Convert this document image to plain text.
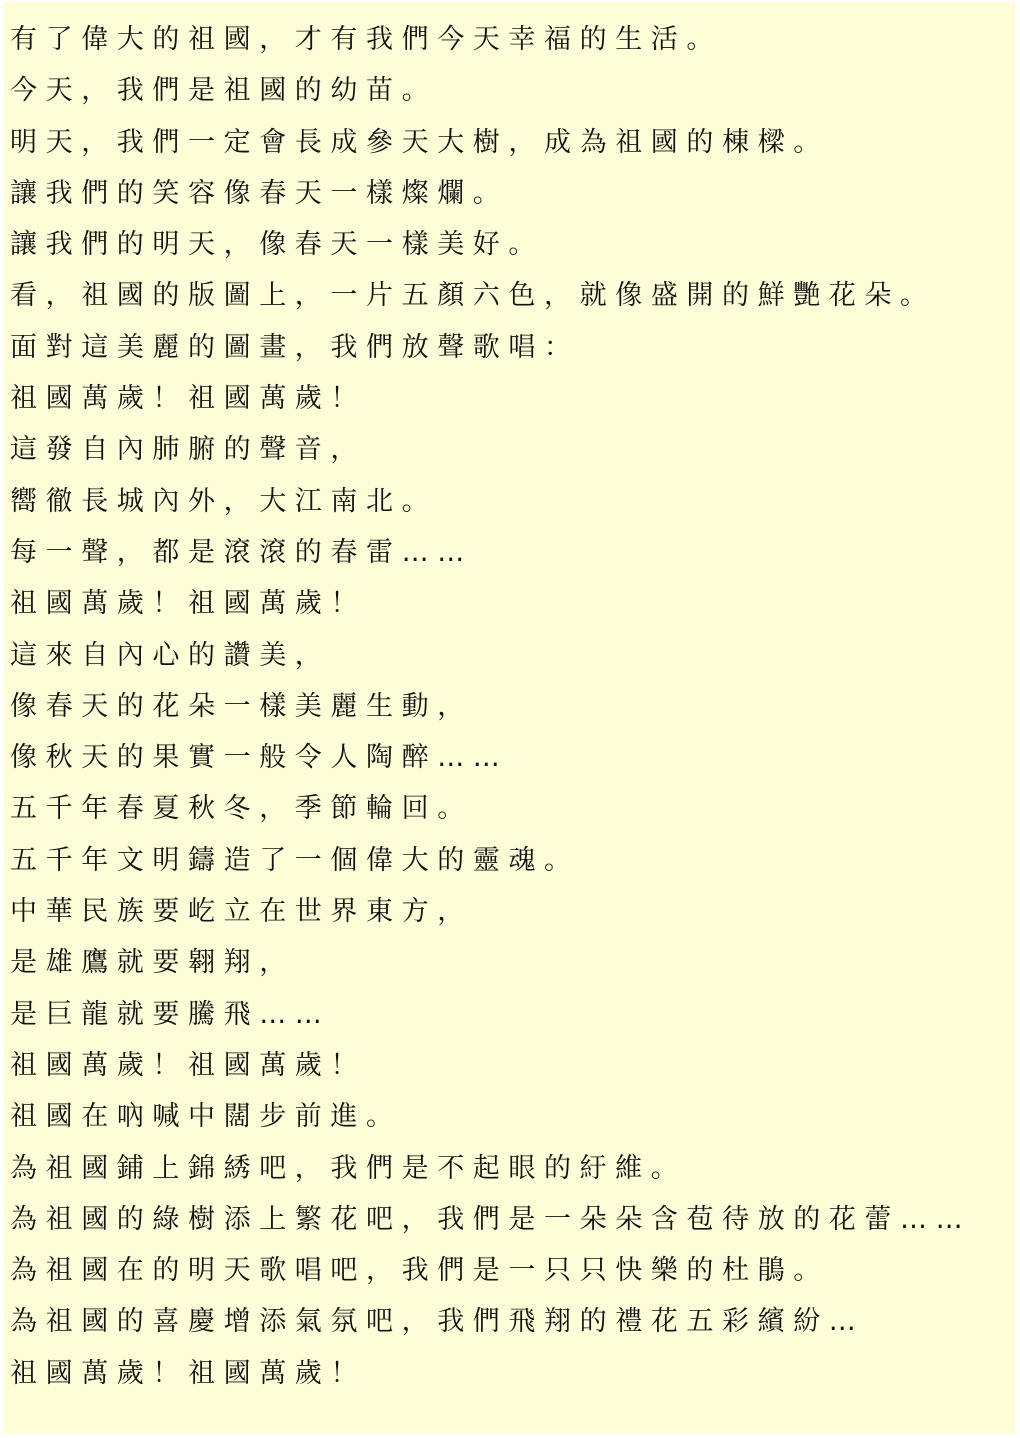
有了偉大的祖國，才有我們今天幸福的生活。
今天，我們是祖國的幼苗。
明天，我們一定會長成參天大樹，成為祖國的棟樑。
讓我們的笑容像春天一樣燦爛。
讓我們的明天，像春天一樣美好。
看，祖國的版圖上，一片五顏六色，就像盛開的鮮艷花朵。
面對這美麗的圖畫，我們放聲歌唱：
祖國萬歲！祖國萬歲！
這發自內肺腑的聲音，
嚮徹長城內外，大江南北。
每一聲，都是滾滾的春雷……
祖國萬歲！祖國萬歲！
這來自內心的讚美，
像春天的花朵一樣美麗生動，
像秋天的果實一般令人陶醉……
五千年春夏秋冬，季節輪回。
五千年文明鑄造了一個偉大的靈魂。
中華民族要屹立在世界東方，
是雄鷹就要翱翔，
是巨龍就要騰飛……
祖國萬歲！祖國萬歲！
祖國在吶喊中闊步前進。
為祖國鋪上錦綉吧，我們是不起眼的紆維。
為祖國的綠樹添上繁花吧，我們是一朵朵含苞待放的花蕾……
為祖國在的明天歌唱吧，我們是一只只快樂的杜鵑。
為祖國的喜慶增添氣氛吧，我們飛翔的禮花五彩繽紛…
祖國萬歲！祖國萬歲！
